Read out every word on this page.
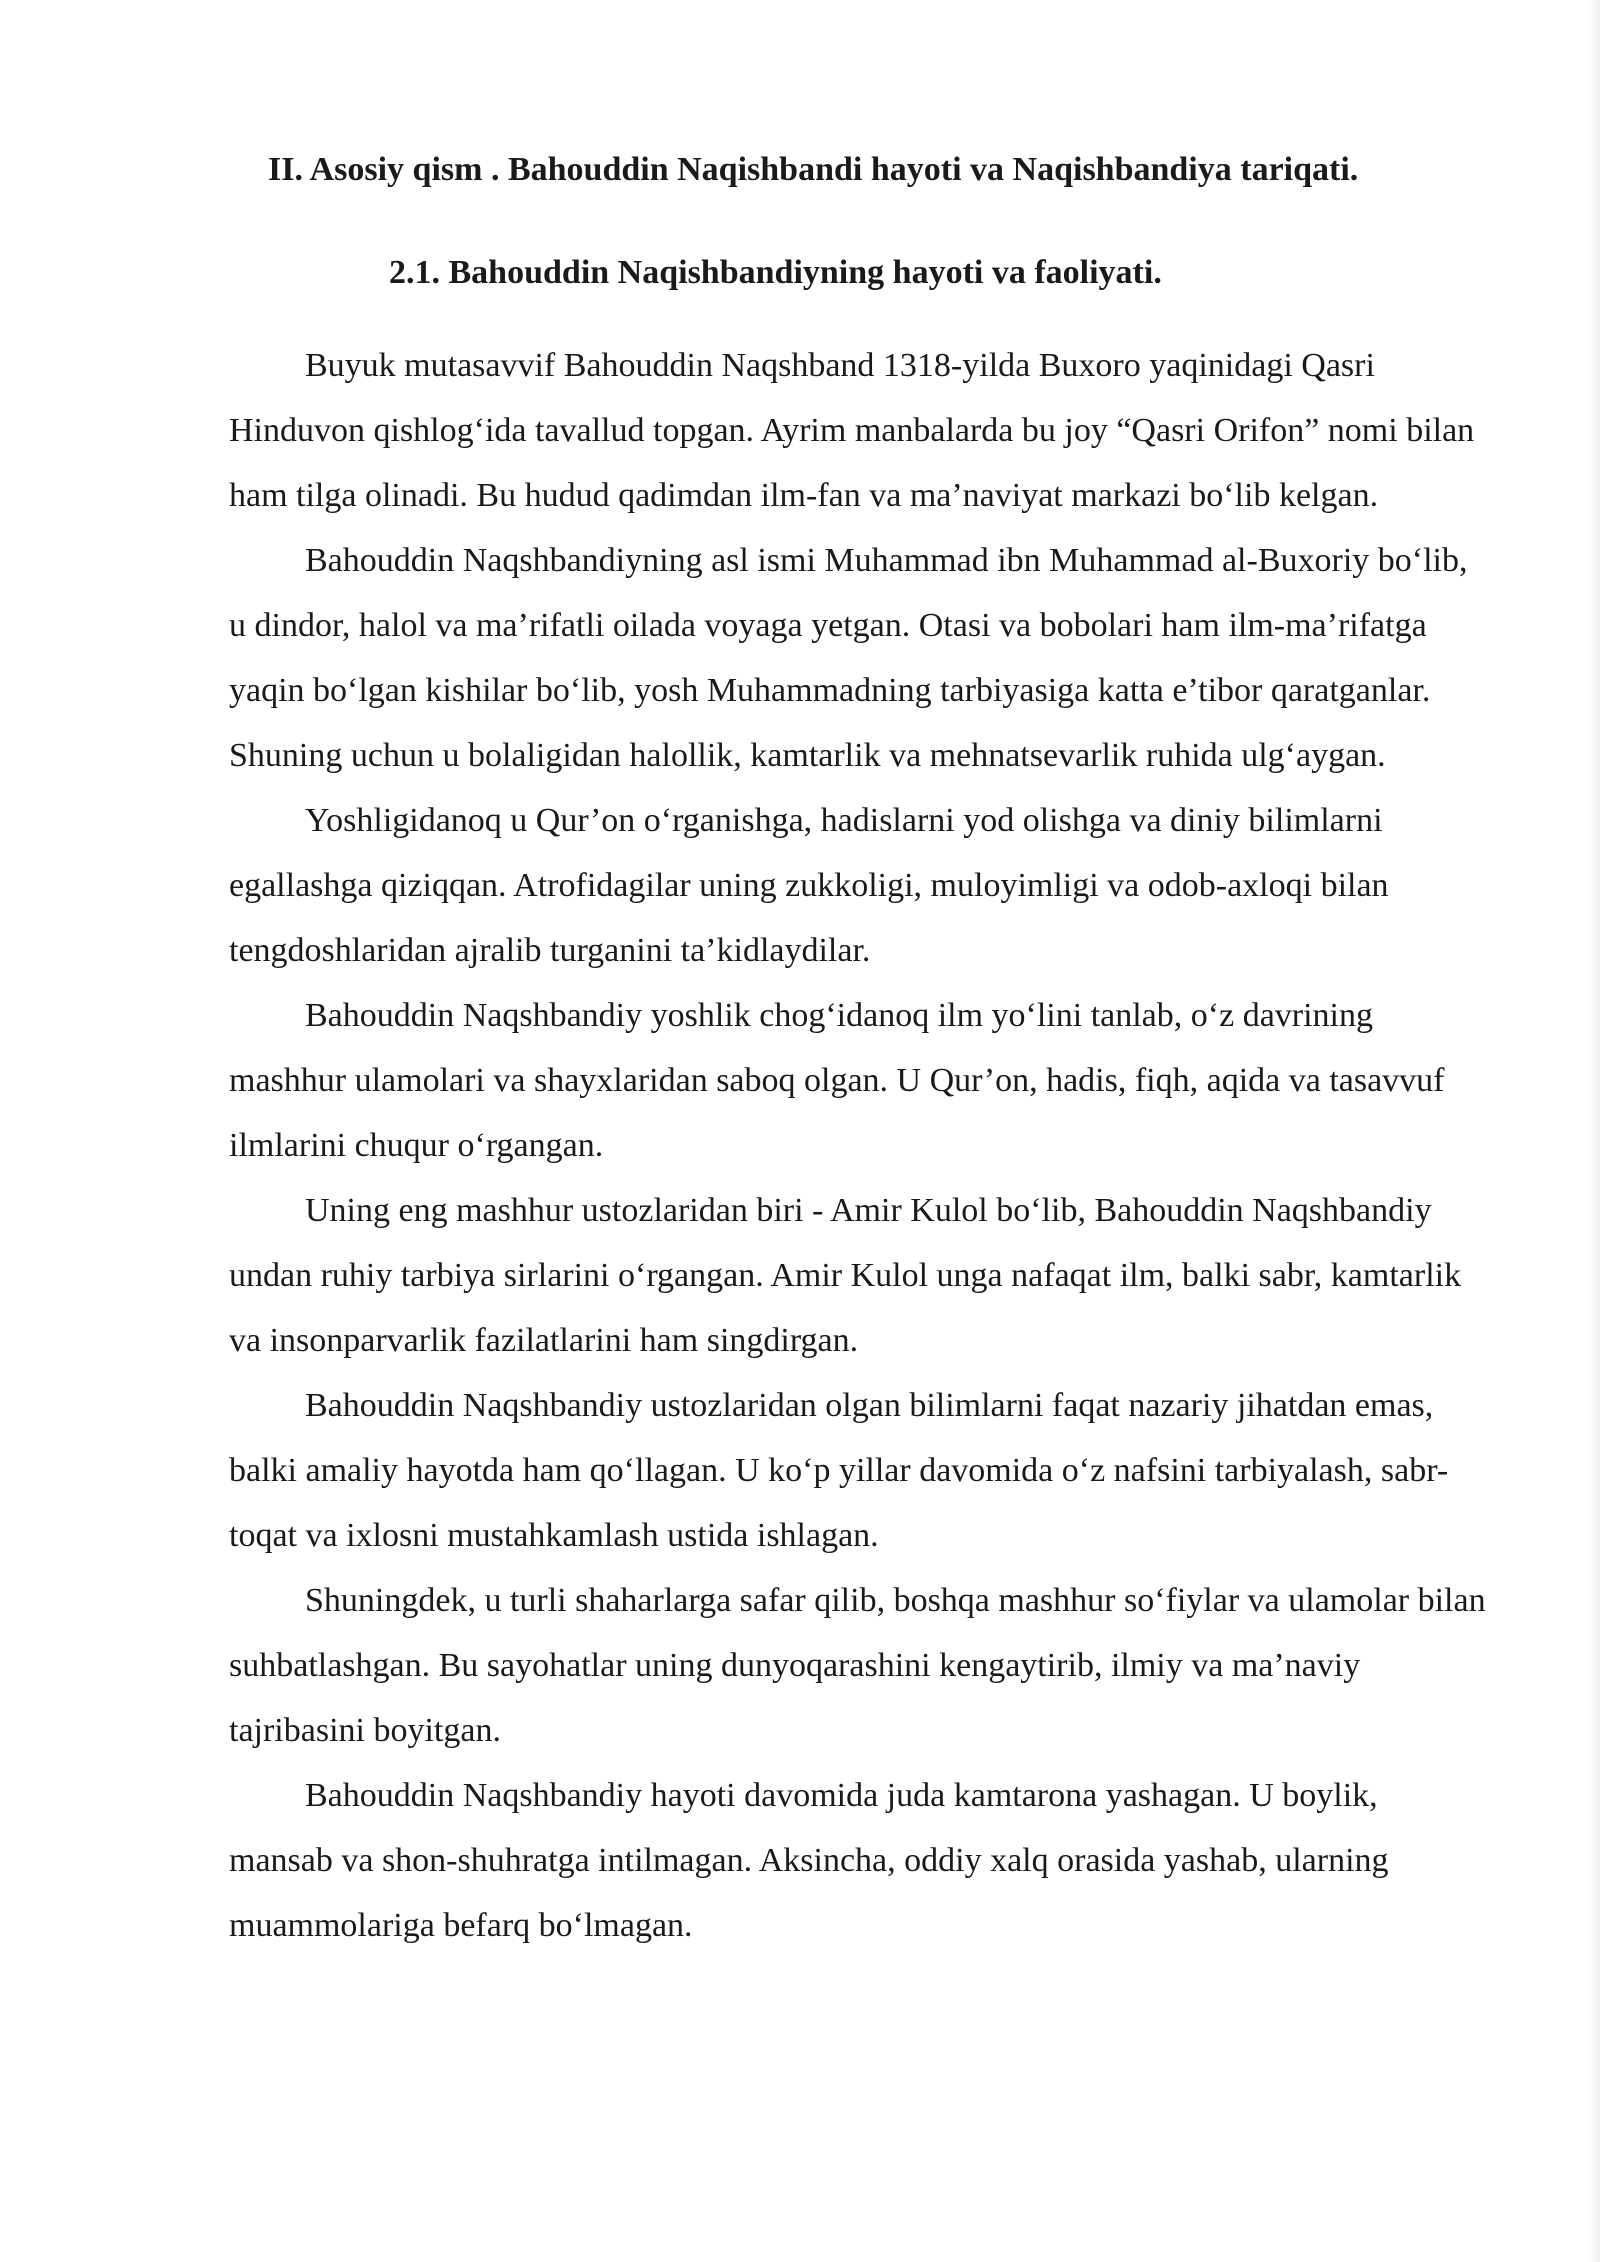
II. Asosiy qism . Bahouddin Naqishbandi hayoti va Naqishbandiya tariqati.
2.1. Bahouddin Naqishbandiyning hayoti va faoliyati.

Buyuk mutasavvif Bahouddin Naqshband 1318-yilda Buxoro yaqinidagi Qasri Hinduvon qishlog‘ida tavallud topgan. Ayrim manbalarda bu joy “Qasri Orifon” nomi bilan ham tilga olinadi. Bu hudud qadimdan ilm-fan va ma’naviyat markazi bo‘lib kelgan.

Bahouddin Naqshbandiyning asl ismi Muhammad ibn Muhammad al-Buxoriy bo‘lib, u dindor, halol va ma’rifatli oilada voyaga yetgan. Otasi va bobolari ham ilm-ma’rifatga yaqin bo‘lgan kishilar bo‘lib, yosh Muhammadning tarbiyasiga katta e’tibor qaratganlar. Shuning uchun u bolaligidan halollik, kamtarlik va mehnatsevarlik ruhida ulg‘aygan.

Yoshligidanoq u Qur’on o‘rganishga, hadislarni yod olishga va diniy bilimlarni egallashga qiziqqan. Atrofidagilar uning zukkoligi, muloyimligi va odob-axloqi bilan tengdoshlaridan ajralib turganini ta’kidlaydilar.

Bahouddin Naqshbandiy yoshlik chog‘idanoq ilm yo‘lini tanlab, o‘z davrining mashhur ulamolari va shayxlaridan saboq olgan. U Qur’on, hadis, fiqh, aqida va tasavvuf ilmlarini chuqur o‘rgangan.

Uning eng mashhur ustozlaridan biri - Amir Kulol bo‘lib, Bahouddin Naqshbandiy undan ruhiy tarbiya sirlarini o‘rgangan. Amir Kulol unga nafaqat ilm, balki sabr, kamtarlik va insonparvarlik fazilatlarini ham singdirgan.

Bahouddin Naqshbandiy ustozlaridan olgan bilimlarni faqat nazariy jihatdan emas, balki amaliy hayotda ham qo‘llagan. U ko‘p yillar davomida o‘z nafsini tarbiyalash, sabr-toqat va ixlosni mustahkamlash ustida ishlagan.

Shuningdek, u turli shaharlarga safar qilib, boshqa mashhur so‘fiylar va ulamolar bilan suhbatlashgan. Bu sayohatlar uning dunyoqarashini kengaytirib, ilmiy va ma’naviy tajribasini boyitgan.

Bahouddin Naqshbandiy hayoti davomida juda kamtarona yashagan. U boylik, mansab va shon-shuhratga intilmagan. Aksincha, oddiy xalq orasida yashab, ularning muammolariga befarq bo‘lmagan.
